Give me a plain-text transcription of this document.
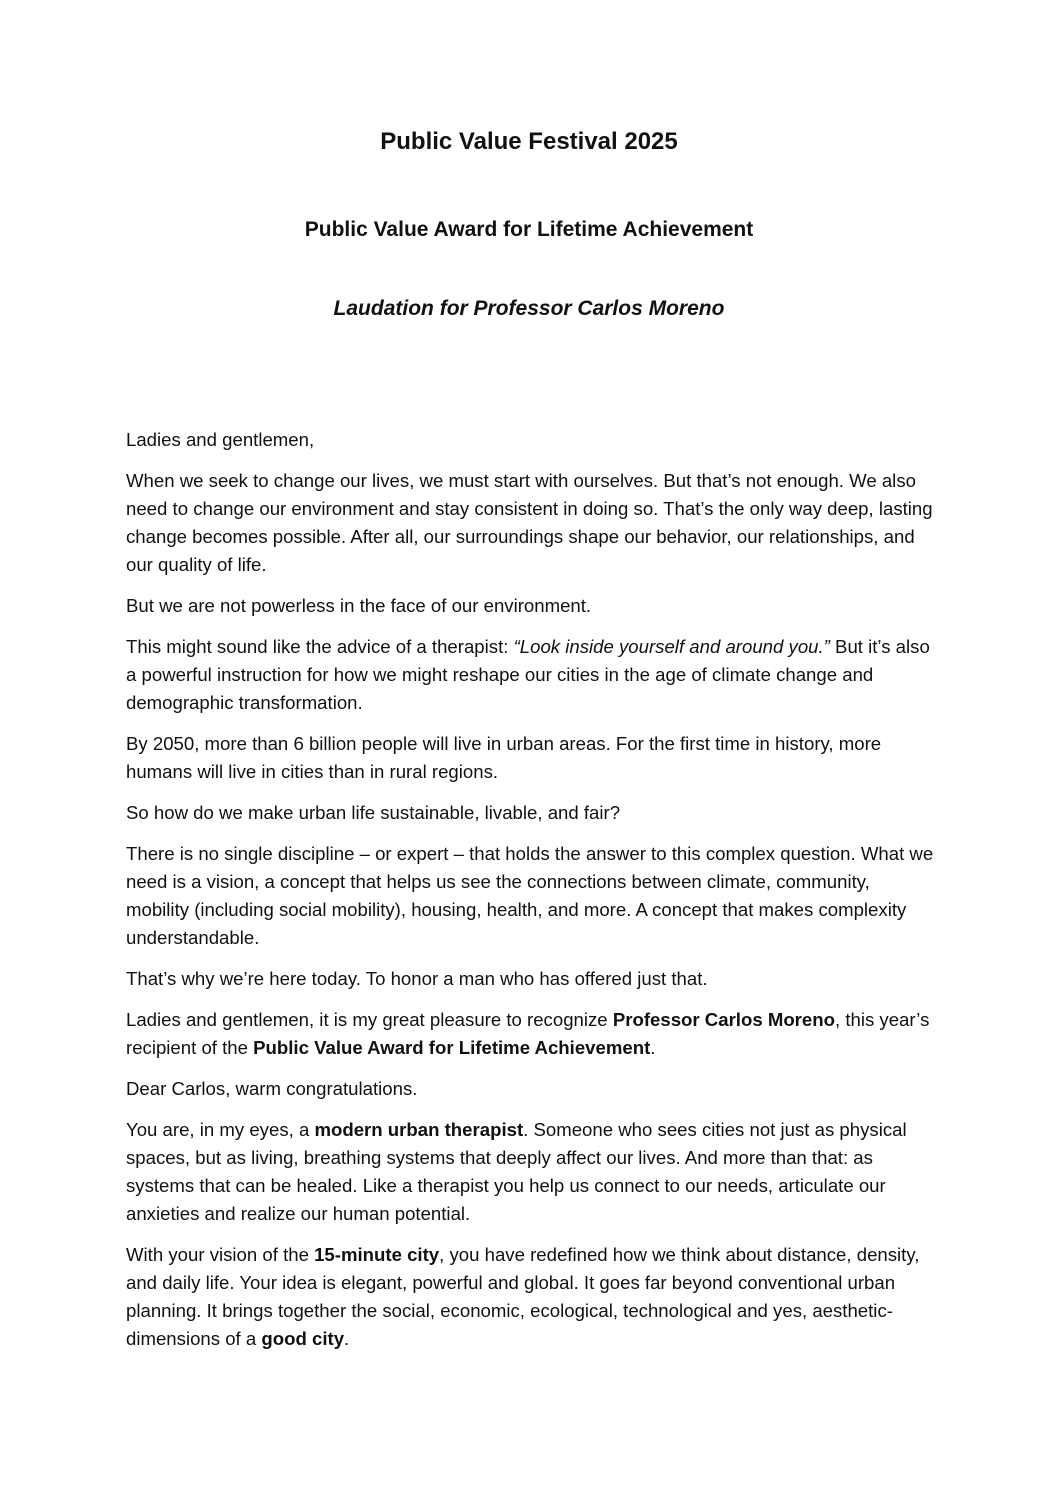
Public Value Festival 2025
Public Value Award for Lifetime Achievement
Laudation for Professor Carlos Moreno

Ladies and gentlemen,

When we seek to change our lives, we must start with ourselves. But that’s not enough. We also need to change our environment and stay consistent in doing so. That’s the only way deep, lasting change becomes possible. After all, our surroundings shape our behavior, our relationships, and our quality of life.

But we are not powerless in the face of our environment.

This might sound like the advice of a therapist: “Look inside yourself and around you.” But it’s also a powerful instruction for how we might reshape our cities in the age of climate change and demographic transformation.

By 2050, more than 6 billion people will live in urban areas. For the first time in history, more humans will live in cities than in rural regions.

So how do we make urban life sustainable, livable, and fair?

There is no single discipline – or expert – that holds the answer to this complex question. What we need is a vision, a concept that helps us see the connections between climate, community, mobility (including social mobility), housing, health, and more. A concept that makes complexity understandable.

That’s why we’re here today. To honor a man who has offered just that.

Ladies and gentlemen, it is my great pleasure to recognize Professor Carlos Moreno, this year’s recipient of the Public Value Award for Lifetime Achievement.

Dear Carlos, warm congratulations.

You are, in my eyes, a modern urban therapist. Someone who sees cities not just as physical spaces, but as living, breathing systems that deeply affect our lives. And more than that: as systems that can be healed. Like a therapist you help us connect to our needs, articulate our anxieties and realize our human potential.

With your vision of the 15-minute city, you have redefined how we think about distance, density, and daily life. Your idea is elegant, powerful and global. It goes far beyond conventional urban planning. It brings together the social, economic, ecological, technological and yes, aesthetic-dimensions of a good city.
